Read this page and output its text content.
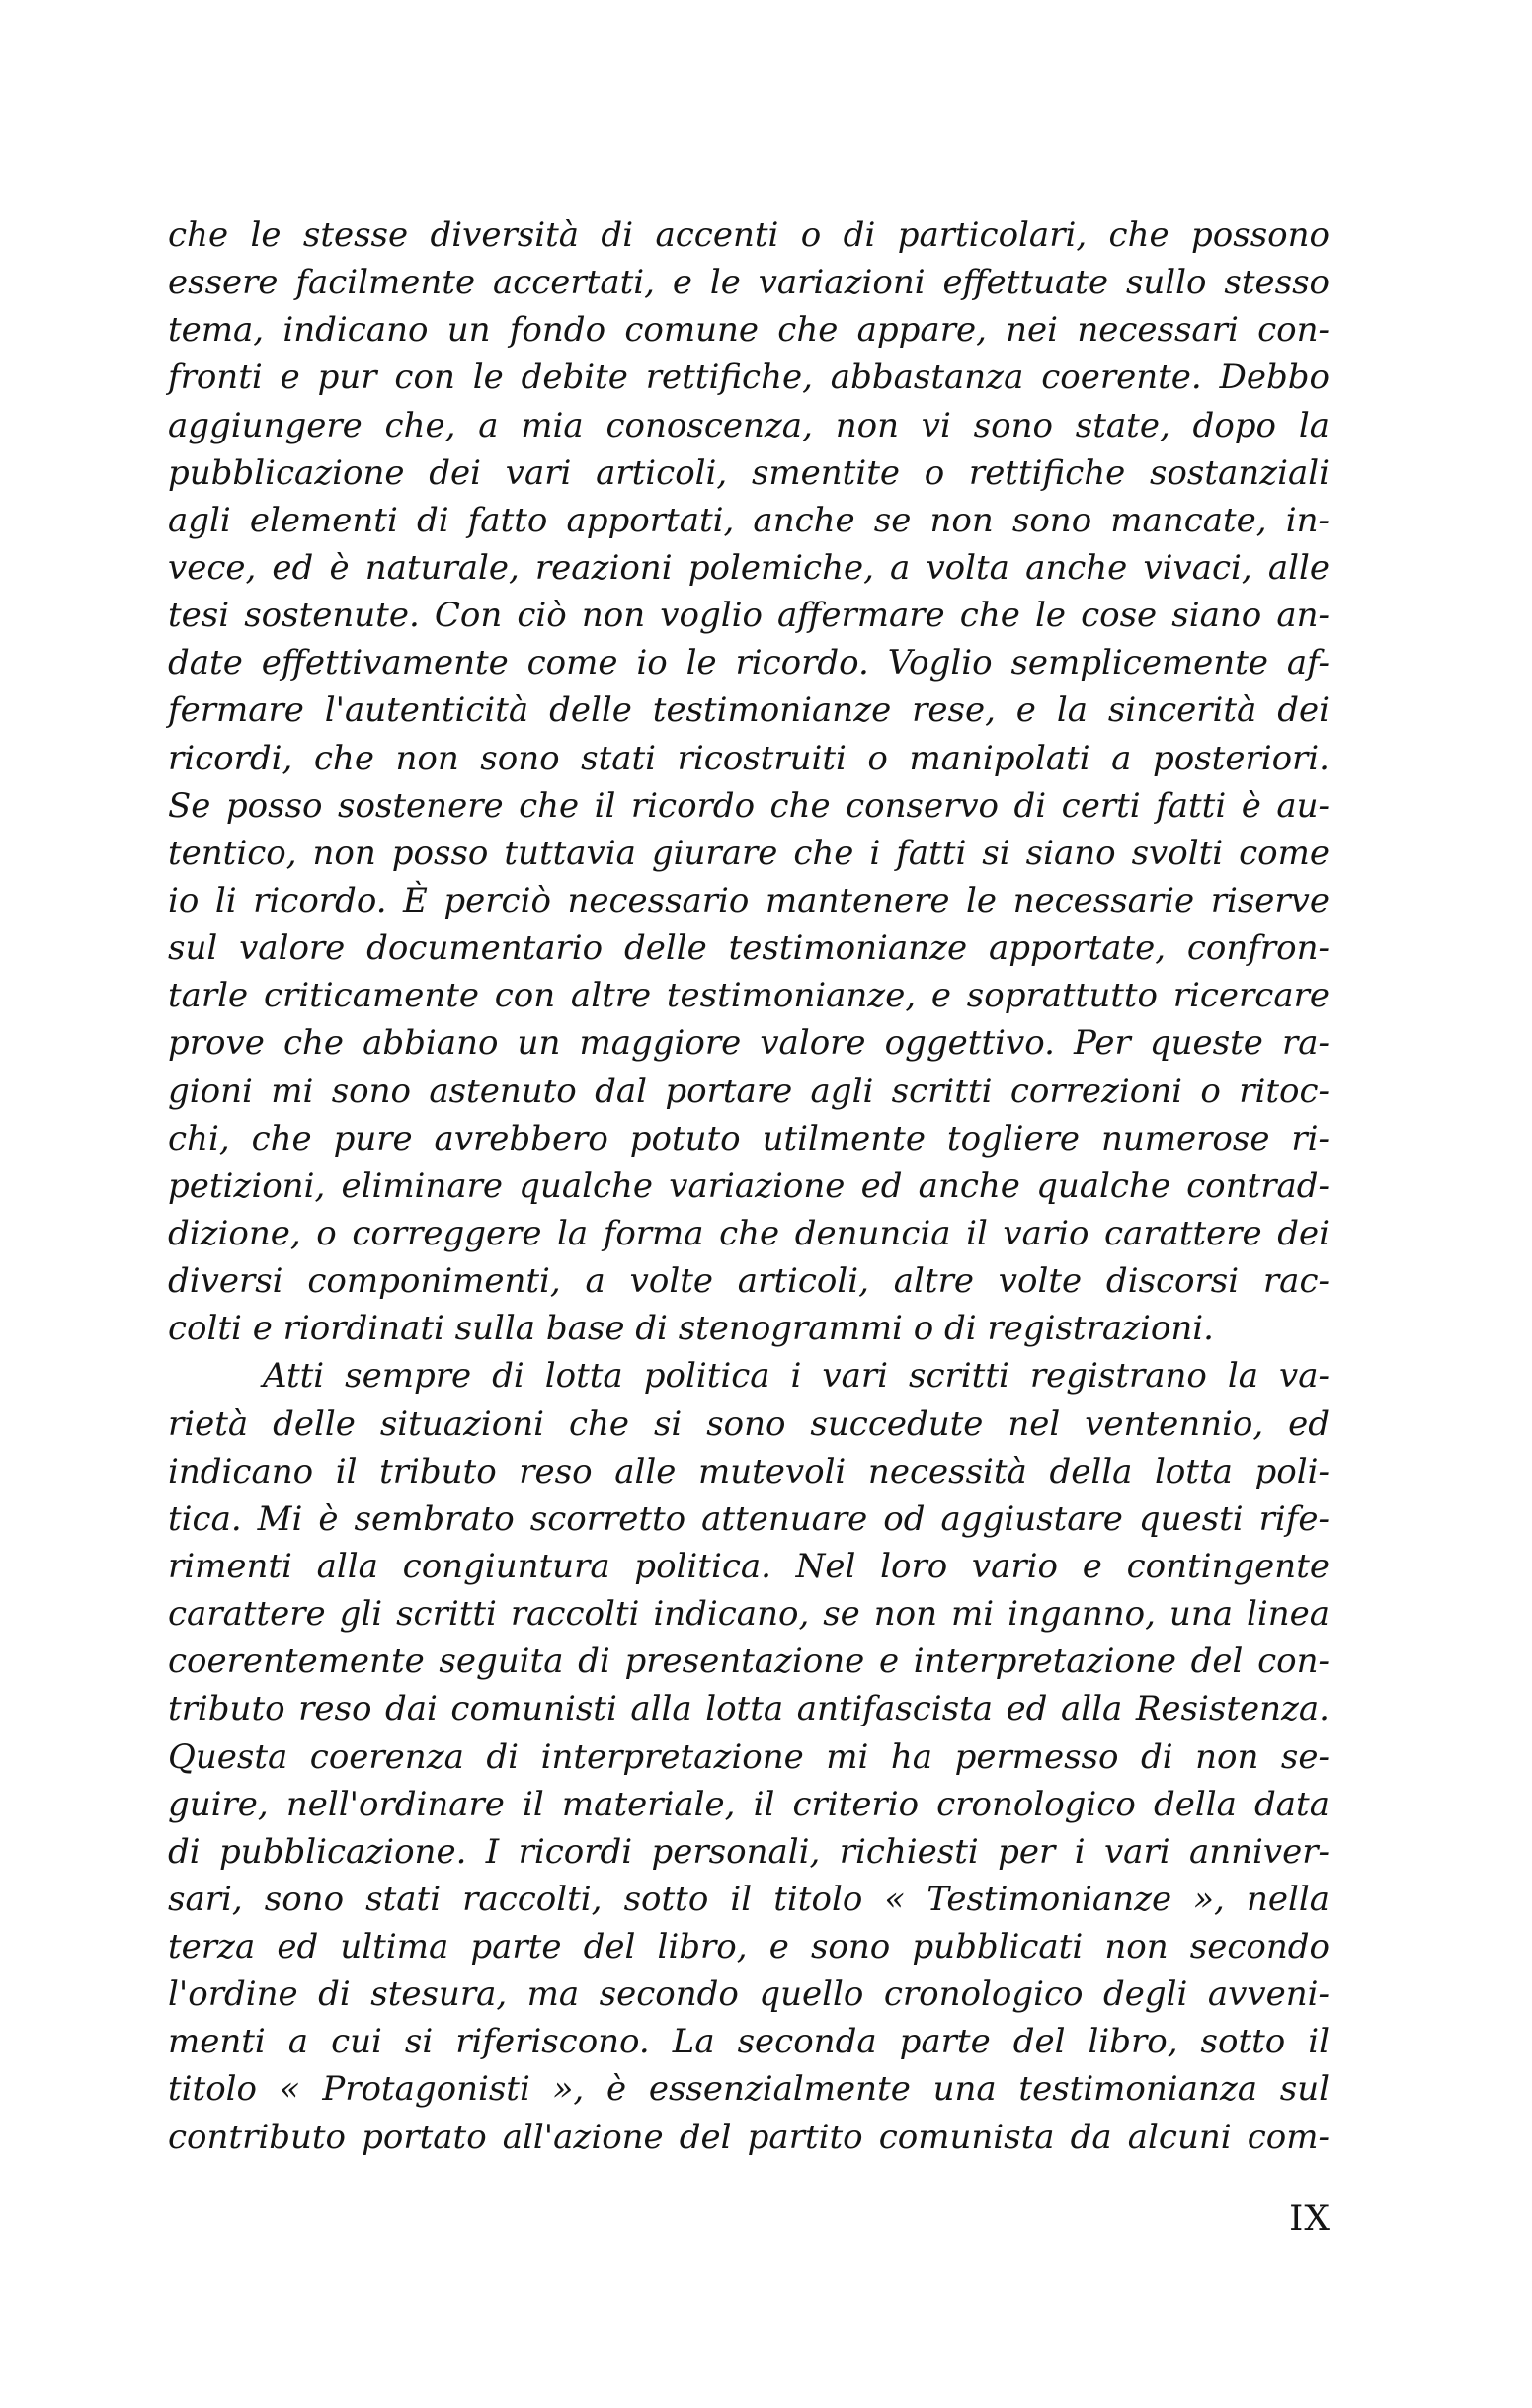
che le stesse diversità di accenti o di particolari, che possono
essere facilmente accertati, e le variazioni effettuate sullo stesso
tema, indicano un fondo comune che appare, nei necessari con-
fronti e pur con le debite rettifiche, abbastanza coerente. Debbo
aggiungere che, a mia conoscenza, non vi sono state, dopo la
pubblicazione dei vari articoli, smentite o rettifiche sostanziali
agli elementi di fatto apportati, anche se non sono mancate, in-
vece, ed è naturale, reazioni polemiche, a volta anche vivaci, alle
tesi sostenute. Con ciò non voglio affermare che le cose siano an-
date effettivamente come io le ricordo. Voglio semplicemente af-
fermare l'autenticità delle testimonianze rese, e la sincerità dei
ricordi, che non sono stati ricostruiti o manipolati a posteriori.
Se posso sostenere che il ricordo che conservo di certi fatti è au-
tentico, non posso tuttavia giurare che i fatti si siano svolti come
io li ricordo. È perciò necessario mantenere le necessarie riserve
sul valore documentario delle testimonianze apportate, confron-
tarle criticamente con altre testimonianze, e soprattutto ricercare
prove che abbiano un maggiore valore oggettivo. Per queste ra-
gioni mi sono astenuto dal portare agli scritti correzioni o ritoc-
chi, che pure avrebbero potuto utilmente togliere numerose ri-
petizioni, eliminare qualche variazione ed anche qualche contrad-
dizione, o correggere la forma che denuncia il vario carattere dei
diversi componimenti, a volte articoli, altre volte discorsi rac-
colti e riordinati sulla base di stenogrammi o di registrazioni.
Atti sempre di lotta politica i vari scritti registrano la va-
rietà delle situazioni che si sono succedute nel ventennio, ed
indicano il tributo reso alle mutevoli necessità della lotta poli-
tica. Mi è sembrato scorretto attenuare od aggiustare questi rife-
rimenti alla congiuntura politica. Nel loro vario e contingente
carattere gli scritti raccolti indicano, se non mi inganno, una linea
coerentemente seguita di presentazione e interpretazione del con-
tributo reso dai comunisti alla lotta antifascista ed alla Resistenza.
Questa coerenza di interpretazione mi ha permesso di non se-
guire, nell'ordinare il materiale, il criterio cronologico della data
di pubblicazione. I ricordi personali, richiesti per i vari anniver-
sari, sono stati raccolti, sotto il titolo « Testimonianze », nella
terza ed ultima parte del libro, e sono pubblicati non secondo
l'ordine di stesura, ma secondo quello cronologico degli avveni-
menti a cui si riferiscono. La seconda parte del libro, sotto il
titolo « Protagonisti », è essenzialmente una testimonianza sul
contributo portato all'azione del partito comunista da alcuni com-
IX
